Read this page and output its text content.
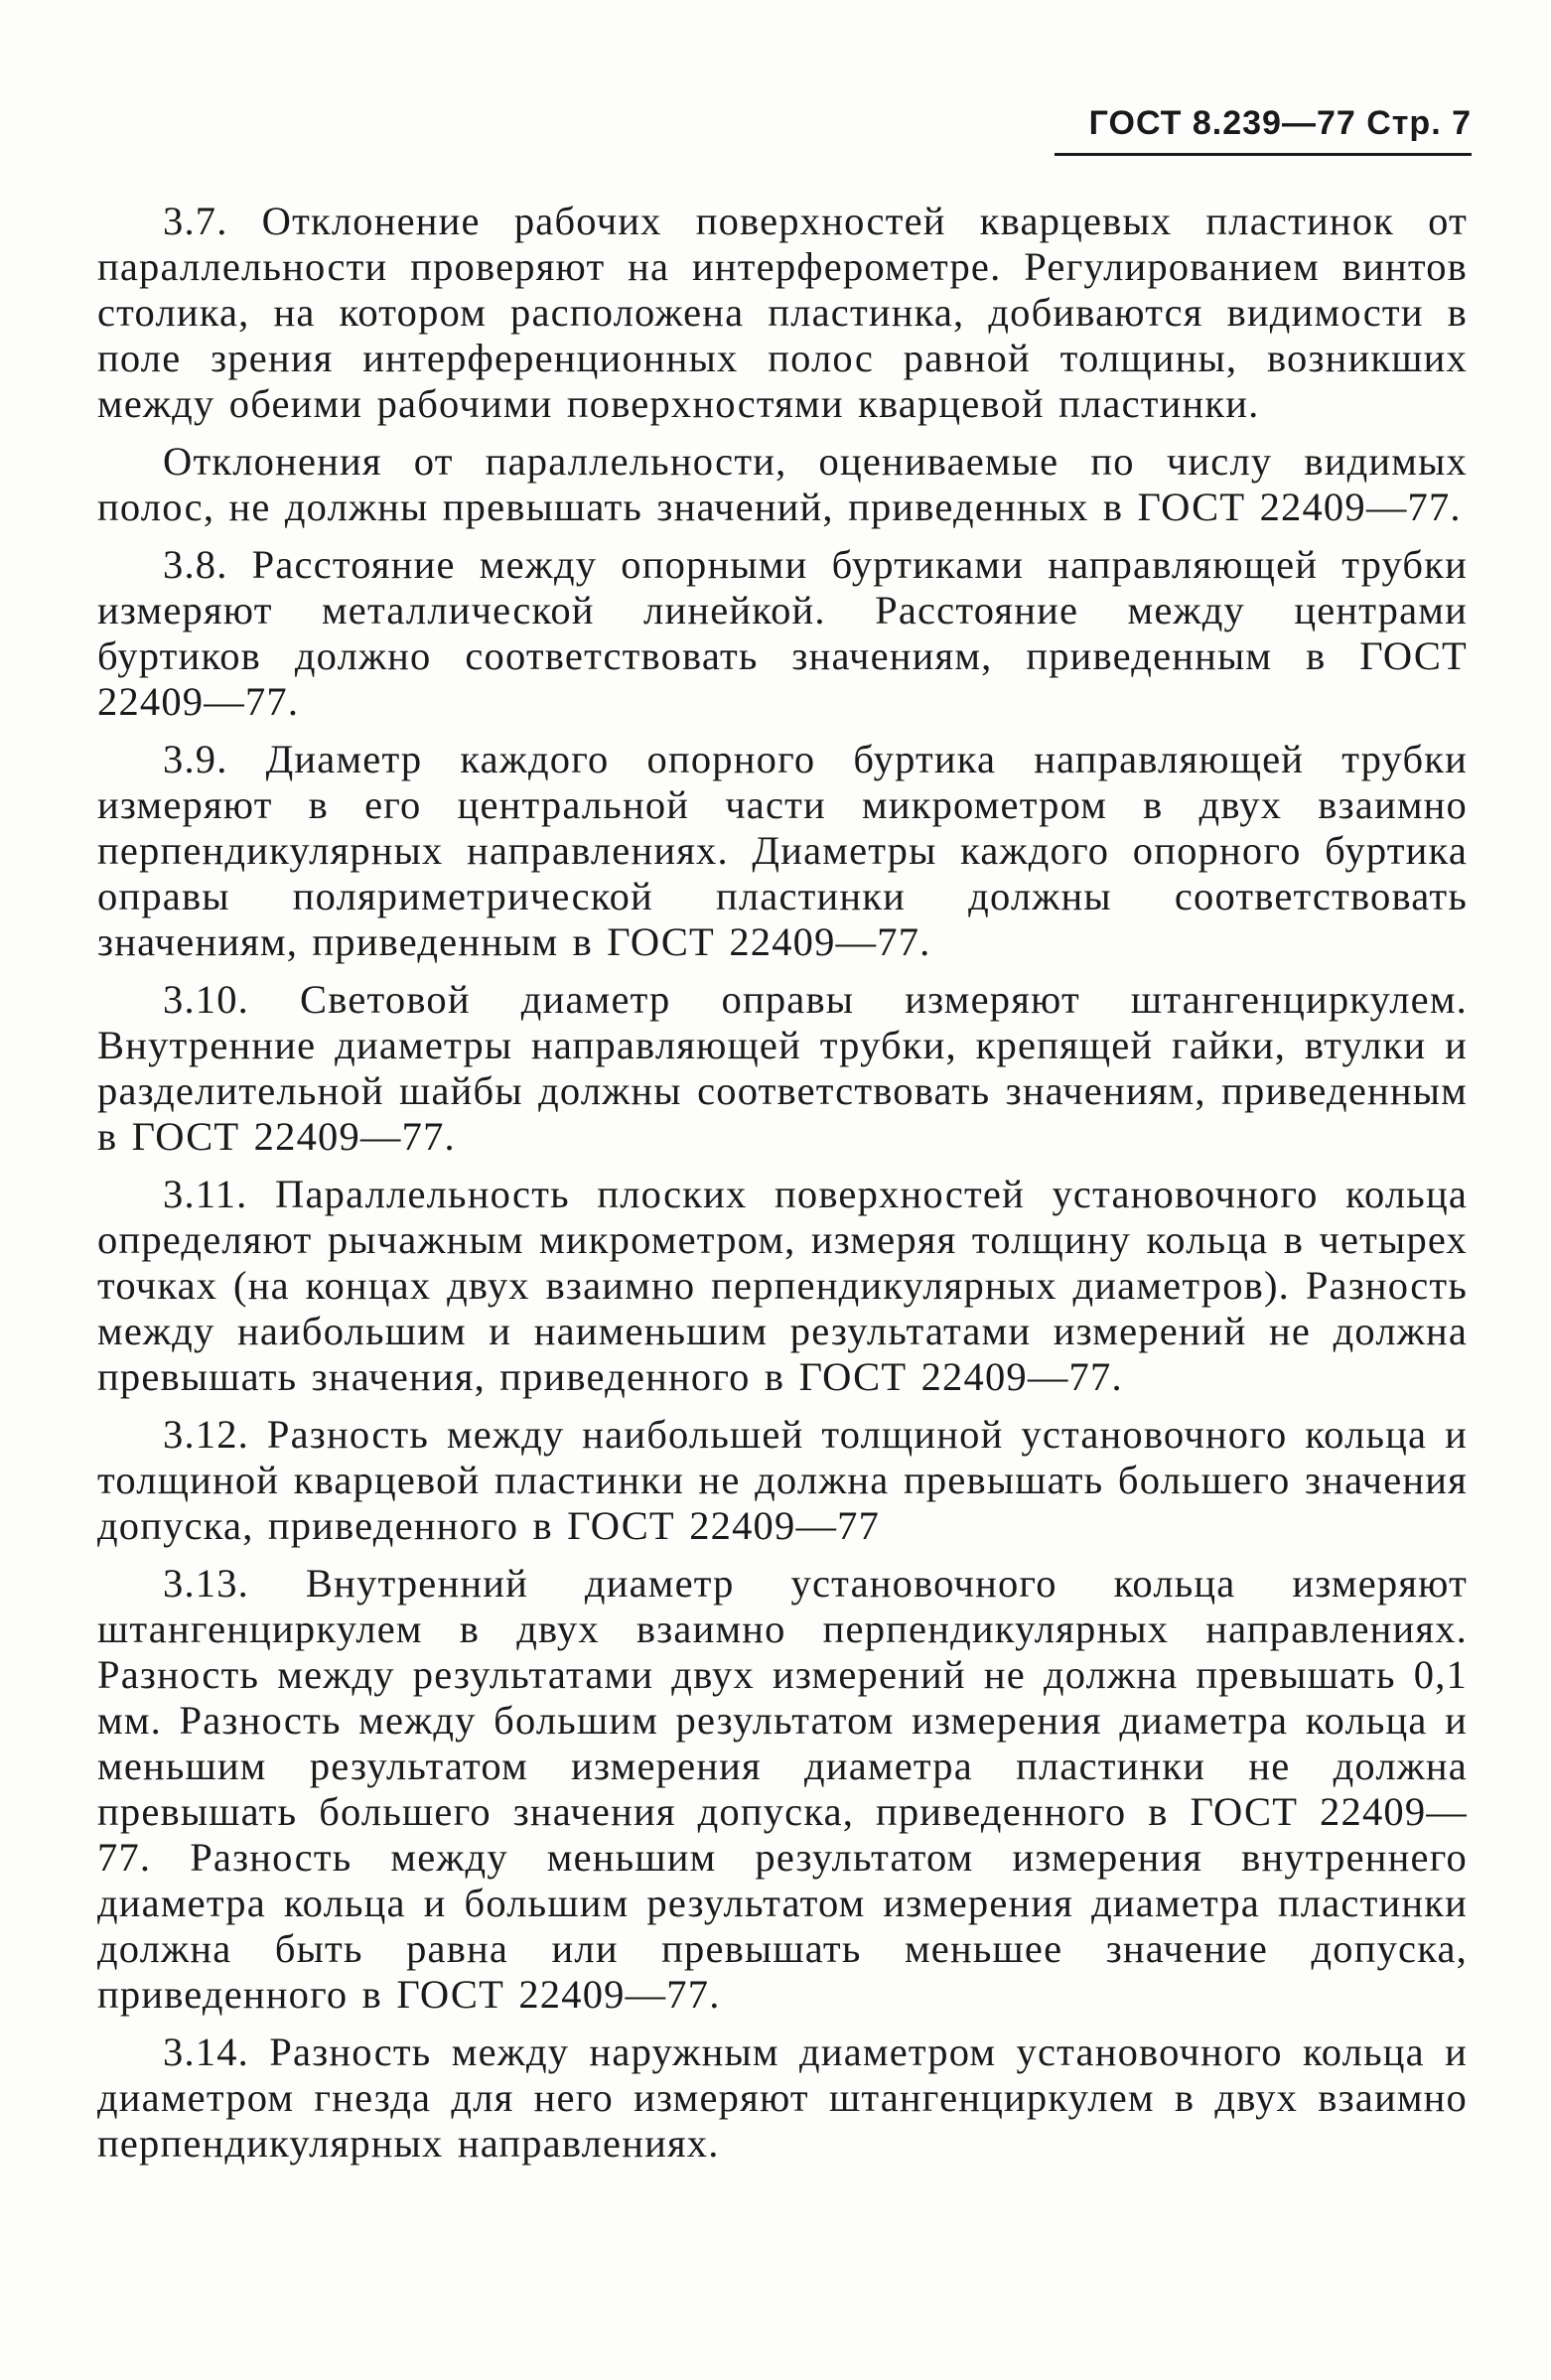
ГОСТ 8.239—77 Стр. 7

3.7. Отклонение рабочих поверхностей кварцевых пластинок от параллельности проверяют на интерферометре. Регулированием винтов столика, на котором расположена пластинка, добиваются видимости в поле зрения интерференционных полос равной толщины, возникших между обеими рабочими поверхностями кварцевой пластинки.

Отклонения от параллельности, оцениваемые по числу видимых полос, не должны превышать значений, приведенных в ГОСТ 22409—77.

3.8. Расстояние между опорными буртиками направляющей трубки измеряют металлической линейкой. Расстояние между центрами буртиков должно соответствовать значениям, приведенным в ГОСТ 22409—77.

3.9. Диаметр каждого опорного буртика направляющей трубки измеряют в его центральной части микрометром в двух взаимно перпендикулярных направлениях. Диаметры каждого опорного буртика оправы поляриметрической пластинки должны соответствовать значениям, приведенным в ГОСТ 22409—77.

3.10. Световой диаметр оправы измеряют штангенциркулем. Внутренние диаметры направляющей трубки, крепящей гайки, втулки и разделительной шайбы должны соответствовать значениям, приведенным в ГОСТ 22409—77.

3.11. Параллельность плоских поверхностей установочного кольца определяют рычажным микрометром, измеряя толщину кольца в четырех точках (на концах двух взаимно перпендикулярных диаметров). Разность между наибольшим и наименьшим результатами измерений не должна превышать значения, приведенного в ГОСТ 22409—77.

3.12. Разность между наибольшей толщиной установочного кольца и толщиной кварцевой пластинки не должна превышать большего значения допуска, приведенного в ГОСТ 22409—77

3.13. Внутренний диаметр установочного кольца измеряют штангенциркулем в двух взаимно перпендикулярных направлениях. Разность между результатами двух измерений не должна превышать 0,1 мм. Разность между большим результатом измерения диаметра кольца и меньшим результатом измерения диаметра пластинки не должна превышать большего значения допуска, приведенного в ГОСТ 22409—77. Разность между меньшим результатом измерения внутреннего диаметра кольца и большим результатом измерения диаметра пластинки должна быть равна или превышать меньшее значение допуска, приведенного в ГОСТ 22409—77.

3.14. Разность между наружным диаметром установочного кольца и диаметром гнезда для него измеряют штангенциркулем в двух взаимно перпендикулярных направлениях.
